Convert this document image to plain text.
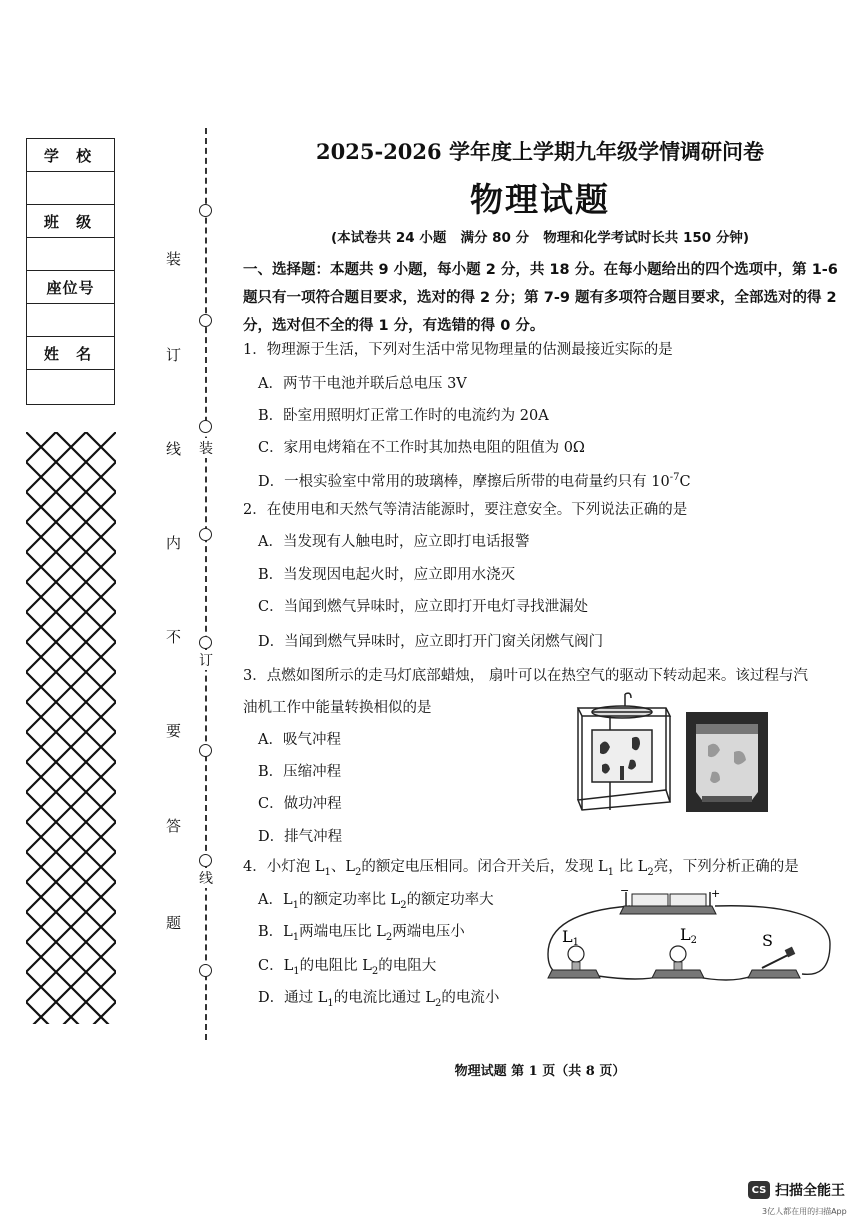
学 校
班 级
座位号
姓 名
装
订
线
内
不
要
答
题
装
订
线
2025-2026 学年度上学期九年级学情调研问卷
物理试题
(本试卷共 24 小题   满分 80 分   物理和化学考试时长共 150 分钟)
一、选择题：本题共 9 小题，每小题 2 分，共 18 分。在每小题给出的四个选项中，第 1-6 题只有一项符合题目要求，选对的得 2 分；第 7-9 题有多项符合题目要求，全部选对的得 2 分，选对但不全的得 1 分，有选错的得 0 分。
1．物理源于生活，下列对生活中常见物理量的估测最接近实际的是
A．两节干电池并联后总电压 3V
B．卧室用照明灯正常工作时的电流约为 20A
C．家用电烤箱在不工作时其加热电阻的阻值为 0Ω
D．一根实验室中常用的玻璃棒，摩擦后所带的电荷量约只有 $10^{-7}C$
2．在使用电和天然气等清洁能源时，要注意安全。下列说法正确的是
A．当发现有人触电时，应立即打电话报警
B．当发现因电起火时，应立即用水浇灭
C．当闻到燃气异味时，应立即打开电灯寻找泄漏处
D．当闻到燃气异味时，应立即打开门窗关闭燃气阀门
3．点燃如图所示的走马灯底部蜡烛， 扇叶可以在热空气的驱动下转动起来。该过程与汽
油机工作中能量转换相似的是
A．吸气冲程
B．压缩冲程
C．做功冲程
D．排气冲程
4．小灯泡 $L_1$、$L_2$的额定电压相同。闭合开关后，发现 $L_1$ 比 $L_2$亮，下列分析正确的是
A．$L_1$的额定功率比 $L_2$的额定功率大
B．$L_1$两端电压比 $L_2$两端电压小
C．$L_1$的电阻比 $L_2$的电阻大
D．通过 $L_1$的电流比通过 $L_2$的电流小
−	+
L1	L2	S
物理试题 第 1 页（共 8 页）
CS 扫描全能王
3亿人都在用的扫描App
